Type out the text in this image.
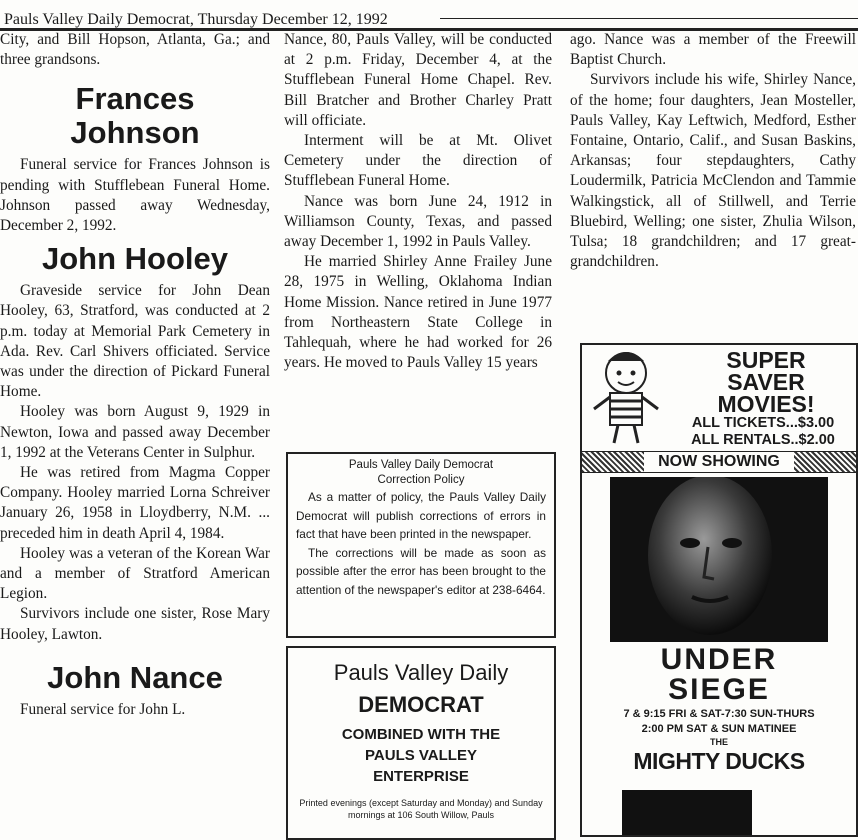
Pauls Valley Daily Democrat, Thursday December 12, 1992

City, and Bill Hopson, Atlanta, Ga.; and three grandsons.

Frances Johnson

Funeral service for Frances Johnson is pending with Stufflebean Funeral Home. Johnson passed away Wednesday, December 2, 1992.

John Hooley

Graveside service for John Dean Hooley, 63, Stratford, was conducted at 2 p.m. today at Memorial Park Cemetery in Ada. Rev. Carl Shivers officiated. Service was under the direction of Pickard Funeral Home.

Hooley was born August 9, 1929 in Newton, Iowa and passed away December 1, 1992 at the Veterans Center in Sulphur.

He was retired from Magma Copper Company. Hooley married Lorna Schreiver January 26, 1958 in Lloydberry, N.M. ... preceded him in death April 4, 1984.

Hooley was a veteran of the Korean War and a member of Stratford American Legion.

Survivors include one sister, Rose Mary Hooley, Lawton.

John Nance

Funeral service for John L.

Nance, 80, Pauls Valley, will be conducted at 2 p.m. Friday, December 4, at the Stufflebean Funeral Home Chapel. Rev. Bill Bratcher and Brother Charley Pratt will officiate.

Interment will be at Mt. Olivet Cemetery under the direction of Stufflebean Funeral Home.

Nance was born June 24, 1912 in Williamson County, Texas, and passed away December 1, 1992 in Pauls Valley.

He married Shirley Anne Frailey June 28, 1975 in Welling, Oklahoma Indian Home Mission. Nance retired in June 1977 from Northeastern State College in Tahlequah, where he had worked for 26 years. He moved to Pauls Valley 15 years

ago. Nance was a member of the Freewill Baptist Church.

Survivors include his wife, Shirley Nance, of the home; four daughters, Jean Mosteller, Pauls Valley, Kay Leftwich, Medford, Esther Fontaine, Ontario, Calif., and Susan Baskins, Arkansas; four stepdaughters, Cathy Loudermilk, Patricia McClendon and Tammie Walkingstick, all of Stillwell, and Terrie Bluebird, Welling; one sister, Zhulia Wilson, Tulsa; 18 grandchildren; and 17 great-grandchildren.

Pauls Valley Daily Democrat
Correction Policy

As a matter of policy, the Pauls Valley Daily Democrat will publish corrections of errors in fact that have been printed in the newspaper.

The corrections will be made as soon as possible after the error has been brought to the attention of the newspaper's editor at 238-6464.

Pauls Valley Daily
DEMOCRAT
COMBINED WITH THE
PAULS VALLEY
ENTERPRISE
Printed evenings (except Saturday and Monday) and Sunday mornings at 106 South Willow, Pauls
SUPER
SAVER
MOVIES!
ALL TICKETS...$3.00
ALL RENTALS..$2.00
NOW SHOWING
UNDER
SIEGE
7 & 9:15 FRI & SAT-7:30 SUN-THURS
2:00 PM SAT & SUN MATINEE
THE
MIGHTY DUCKS
